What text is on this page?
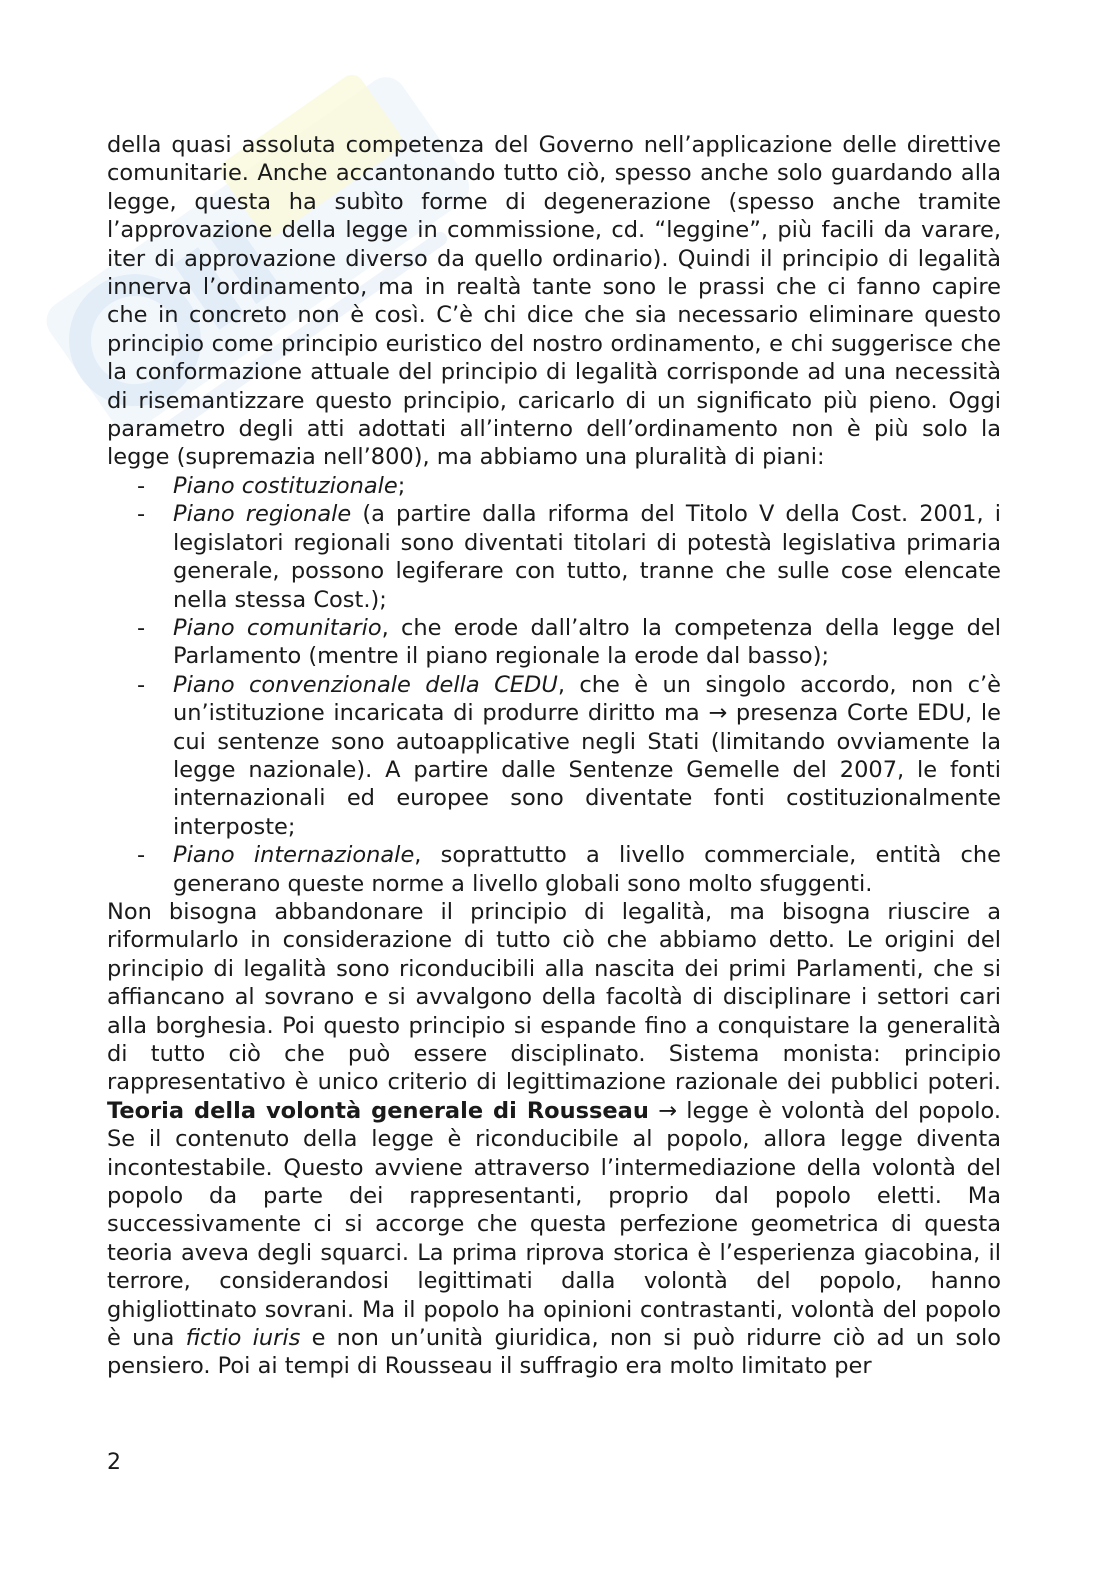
della quasi assoluta competenza del Governo nell’applicazione delle direttive comunitarie. Anche accantonando tutto ciò, spesso anche solo guardando alla legge, questa ha subìto forme di degenerazione (spesso anche tramite l’approvazione della legge in commissione, cd. “leggine”, più facili da varare, iter di approvazione diverso da quello ordinario). Quindi il principio di legalità innerva l’ordinamento, ma in realtà tante sono le prassi che ci fanno capire che in concreto non è così. C’è chi dice che sia necessario eliminare questo principio come principio euristico del nostro ordinamento, e chi suggerisce che la conformazione attuale del principio di legalità corrisponde ad una necessità di risemantizzare questo principio, caricarlo di un significato più pieno. Oggi parametro degli atti adottati all’interno dell’ordinamento non è più solo la legge (supremazia nell’800), ma abbiamo una pluralità di piani:

- Piano costituzionale;
- Piano regionale (a partire dalla riforma del Titolo V della Cost. 2001, i legislatori regionali sono diventati titolari di potestà legislativa primaria generale, possono legiferare con tutto, tranne che sulle cose elencate nella stessa Cost.);
- Piano comunitario, che erode dall’altro la competenza della legge del Parlamento (mentre il piano regionale la erode dal basso);
- Piano convenzionale della CEDU, che è un singolo accordo, non c’è un’istituzione incaricata di produrre diritto ma → presenza Corte EDU, le cui sentenze sono autoapplicative negli Stati (limitando ovviamente la legge nazionale). A partire dalle Sentenze Gemelle del 2007, le fonti internazionali ed europee sono diventate fonti costituzionalmente interposte;
- Piano internazionale, soprattutto a livello commerciale, entità che generano queste norme a livello globali sono molto sfuggenti.

Non bisogna abbandonare il principio di legalità, ma bisogna riuscire a riformularlo in considerazione di tutto ciò che abbiamo detto. Le origini del principio di legalità sono riconducibili alla nascita dei primi Parlamenti, che si affiancano al sovrano e si avvalgono della facoltà di disciplinare i settori cari alla borghesia. Poi questo principio si espande fino a conquistare la generalità di tutto ciò che può essere disciplinato. Sistema monista: principio rappresentativo è unico criterio di legittimazione razionale dei pubblici poteri. Teoria della volontà generale di Rousseau → legge è volontà del popolo. Se il contenuto della legge è riconducibile al popolo, allora legge diventa incontestabile. Questo avviene attraverso l’intermediazione della volontà del popolo da parte dei rappresentanti, proprio dal popolo eletti. Ma successivamente ci si accorge che questa perfezione geometrica di questa teoria aveva degli squarci. La prima riprova storica è l’esperienza giacobina, il terrore, considerandosi legittimati dalla volontà del popolo, hanno ghigliottinato sovrani. Ma il popolo ha opinioni contrastanti, volontà del popolo è una fictio iuris e non un’unità giuridica, non si può ridurre ciò ad un solo pensiero. Poi ai tempi di Rousseau il suffragio era molto limitato per

2
